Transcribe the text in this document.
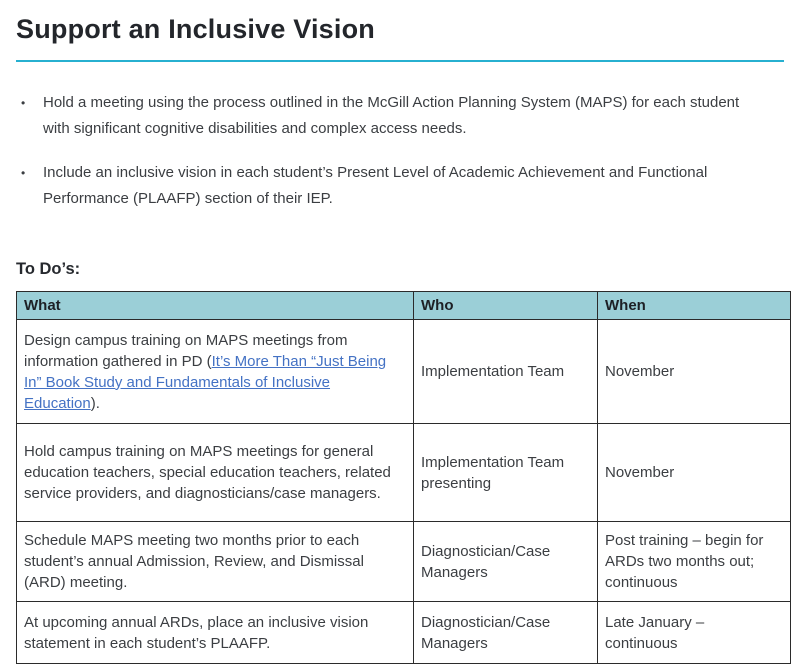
Support an Inclusive Vision
• Hold a meeting using the process outlined in the McGill Action Planning System (MAPS) for each student with significant cognitive disabilities and complex access needs.
• Include an inclusive vision in each student’s Present Level of Academic Achievement and Functional Performance (PLAAFP) section of their IEP.
To Do’s:
What	Who	When
Design campus training on MAPS meetings from information gathered in PD (It’s More Than “Just Being In” Book Study and Fundamentals of Inclusive Education).	Implementation Team	November
Hold campus training on MAPS meetings for general education teachers, special education teachers, related service providers, and diagnosticians/case managers.	Implementation Team presenting	November
Schedule MAPS meeting two months prior to each student’s annual Admission, Review, and Dismissal (ARD) meeting.	Diagnostician/Case Managers	Post training – begin for ARDs two months out; continuous
At upcoming annual ARDs, place an inclusive vision statement in each student’s PLAAFP.	Diagnostician/Case Managers	Late January – continuous
